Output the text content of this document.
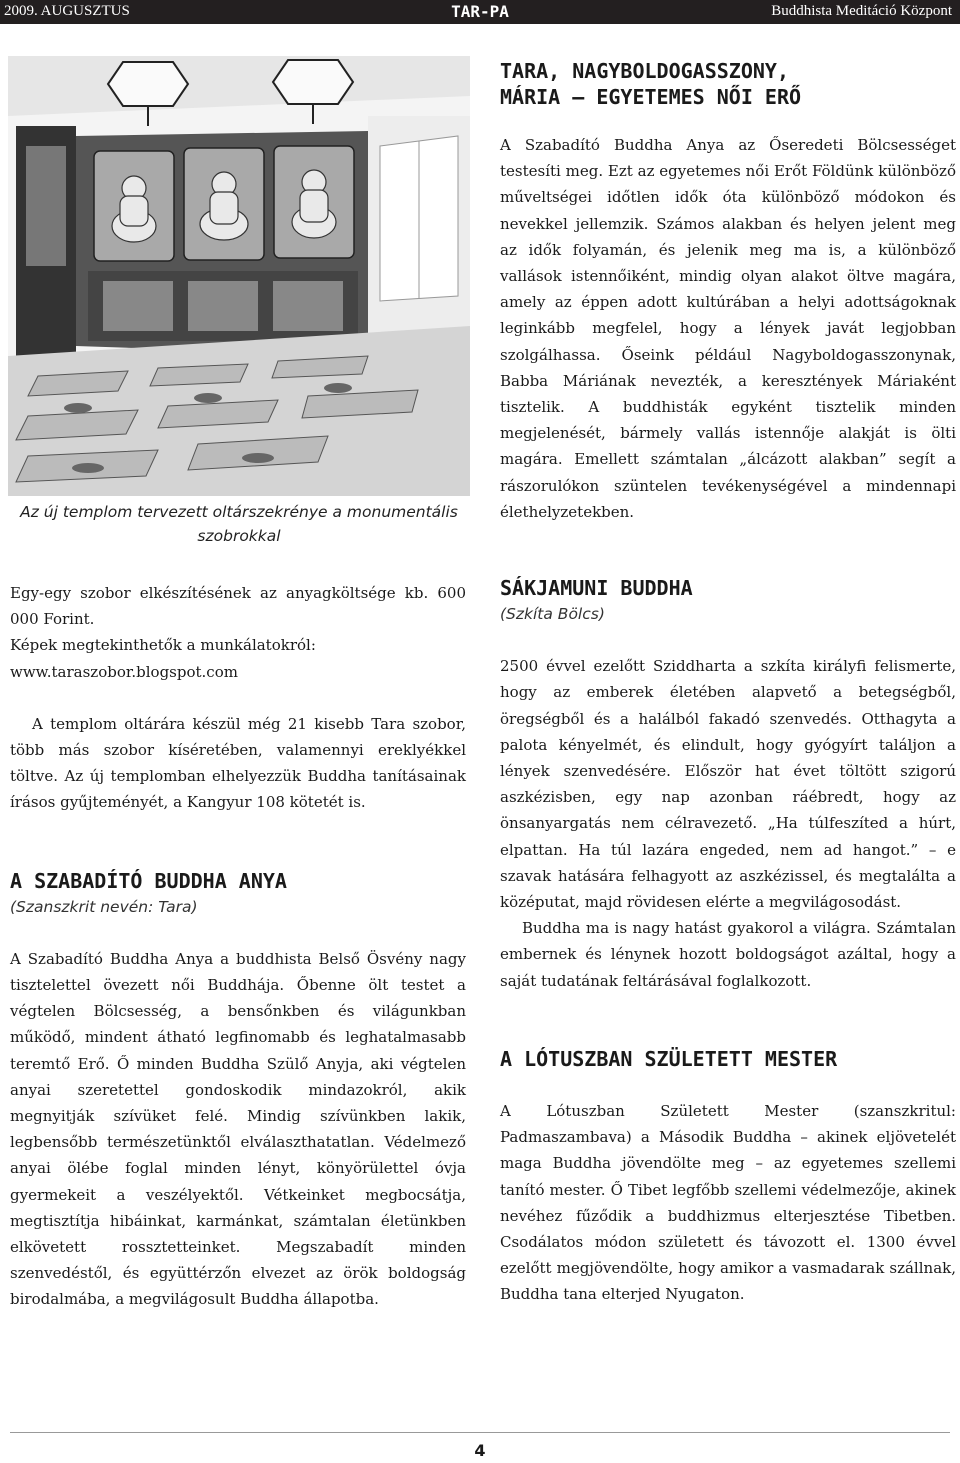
2009. AUGUSZTUS	TAR-PA	Buddhista Meditáció Központ
Az új templom tervezett oltárszekrénye a monumentális szobrokkal

Egy-egy szobor elkészítésének az anyagköltsége kb. 600 000 Forint.

Képek megtekinthetők a munkálatokról:

www.taraszobor.blogspot.com

A templom oltárára készül még 21 kisebb Tara szobor, több más szobor kíséretében, valamennyi ereklyékkel töltve. Az új templomban elhelyezzük Buddha tanításainak írásos gyűjteményét, a Kangyur 108 kötetét is.

A SZABADÍTÓ BUDDHA ANYA

(Szanszkrit nevén: Tara)

A Szabadító Buddha Anya a buddhista Belső Ösvény nagy tisztelettel övezett női Buddhája. Őbenne ölt testet a végtelen Bölcsesség, a bensőnkben és világunkban működő, mindent átható legfinomabb és leghatalmasabb teremtő Erő. Ő minden Buddha Szülő Anyja, aki végtelen anyai szeretettel gondoskodik mindazokról, akik megnyitják szívüket felé. Mindig szívünkben lakik, legbensőbb természetünktől elválaszthatatlan. Védelmező anyai ölébe foglal minden lényt, könyörülettel óvja gyermekeit a veszélyektől. Vétkeinket megbocsátja, megtisztítja hibáinkat, karmánkat, számtalan életünkben elkövetett rossztetteinket. Megszabadít minden szenvedéstől, és együttérzőn elvezet az örök boldogság birodalmába, a megvilágosult Buddha állapotba.

TARA, NAGYBOLDOGASSZONY,
MÁRIA – EGYETEMES NŐI ERŐ

A Szabadító Buddha Anya az Őseredeti Bölcsességet testesíti meg. Ezt az egyetemes női Erőt Földünk különböző műveltségei időtlen idők óta különböző módokon és nevekkel jellemzik. Számos alakban és helyen jelent meg az idők folyamán, és jelenik meg ma is, a különböző vallások istennőiként, mindig olyan alakot öltve magára, amely az éppen adott kultúrában a helyi adottságoknak leginkább megfelel, hogy a lények javát legjobban szolgálhassa. Őseink például Nagyboldogasszonynak, Babba Máriának nevezték, a keresztények Máriaként tisztelik. A buddhisták egyként tisztelik minden megjelenését, bármely vallás istennője alakját is ölti magára. Emellett számtalan „álcázott alakban” segít a rászorulókon szüntelen tevékenységével a mindennapi élethelyzetekben.

SÁKJAMUNI BUDDHA

(Szkíta Bölcs)

2500 évvel ezelőtt Sziddharta a szkíta királyfi felismerte, hogy az emberek életében alapvető a betegségből, öregségből és a halálból fakadó szenvedés. Otthagyta a palota kényelmét, és elindult, hogy gyógyírt találjon a lények szenvedésére. Először hat évet töltött szigorú aszkézisben, egy nap azonban ráébredt, hogy az önsanyargatás nem célravezető. „Ha túlfeszíted a húrt, elpattan. Ha túl lazára engeded, nem ad hangot.” – e szavak hatására felhagyott az aszkézissel, és megtalálta a középutat, majd rövidesen elérte a megvilágosodást.

Buddha ma is nagy hatást gyakorol a világra. Számtalan embernek és lénynek hozott boldogságot azáltal, hogy a saját tudatának feltárásával foglalkozott.

A LÓTUSZBAN SZÜLETETT MESTER

A Lótuszban Született Mester (szanszkritul: Padmaszambava) a Második Buddha – akinek eljövetelét maga Buddha jövendölte meg – az egyetemes szellemi tanító mester. Ő Tibet legfőbb szellemi védelmezője, akinek nevéhez fűződik a buddhizmus elterjesztése Tibetben. Csodálatos módon született és távozott el. 1300 évvel ezelőtt megjövendölte, hogy amikor a vasmadarak szállnak, Buddha tana elterjed Nyugaton.

4
